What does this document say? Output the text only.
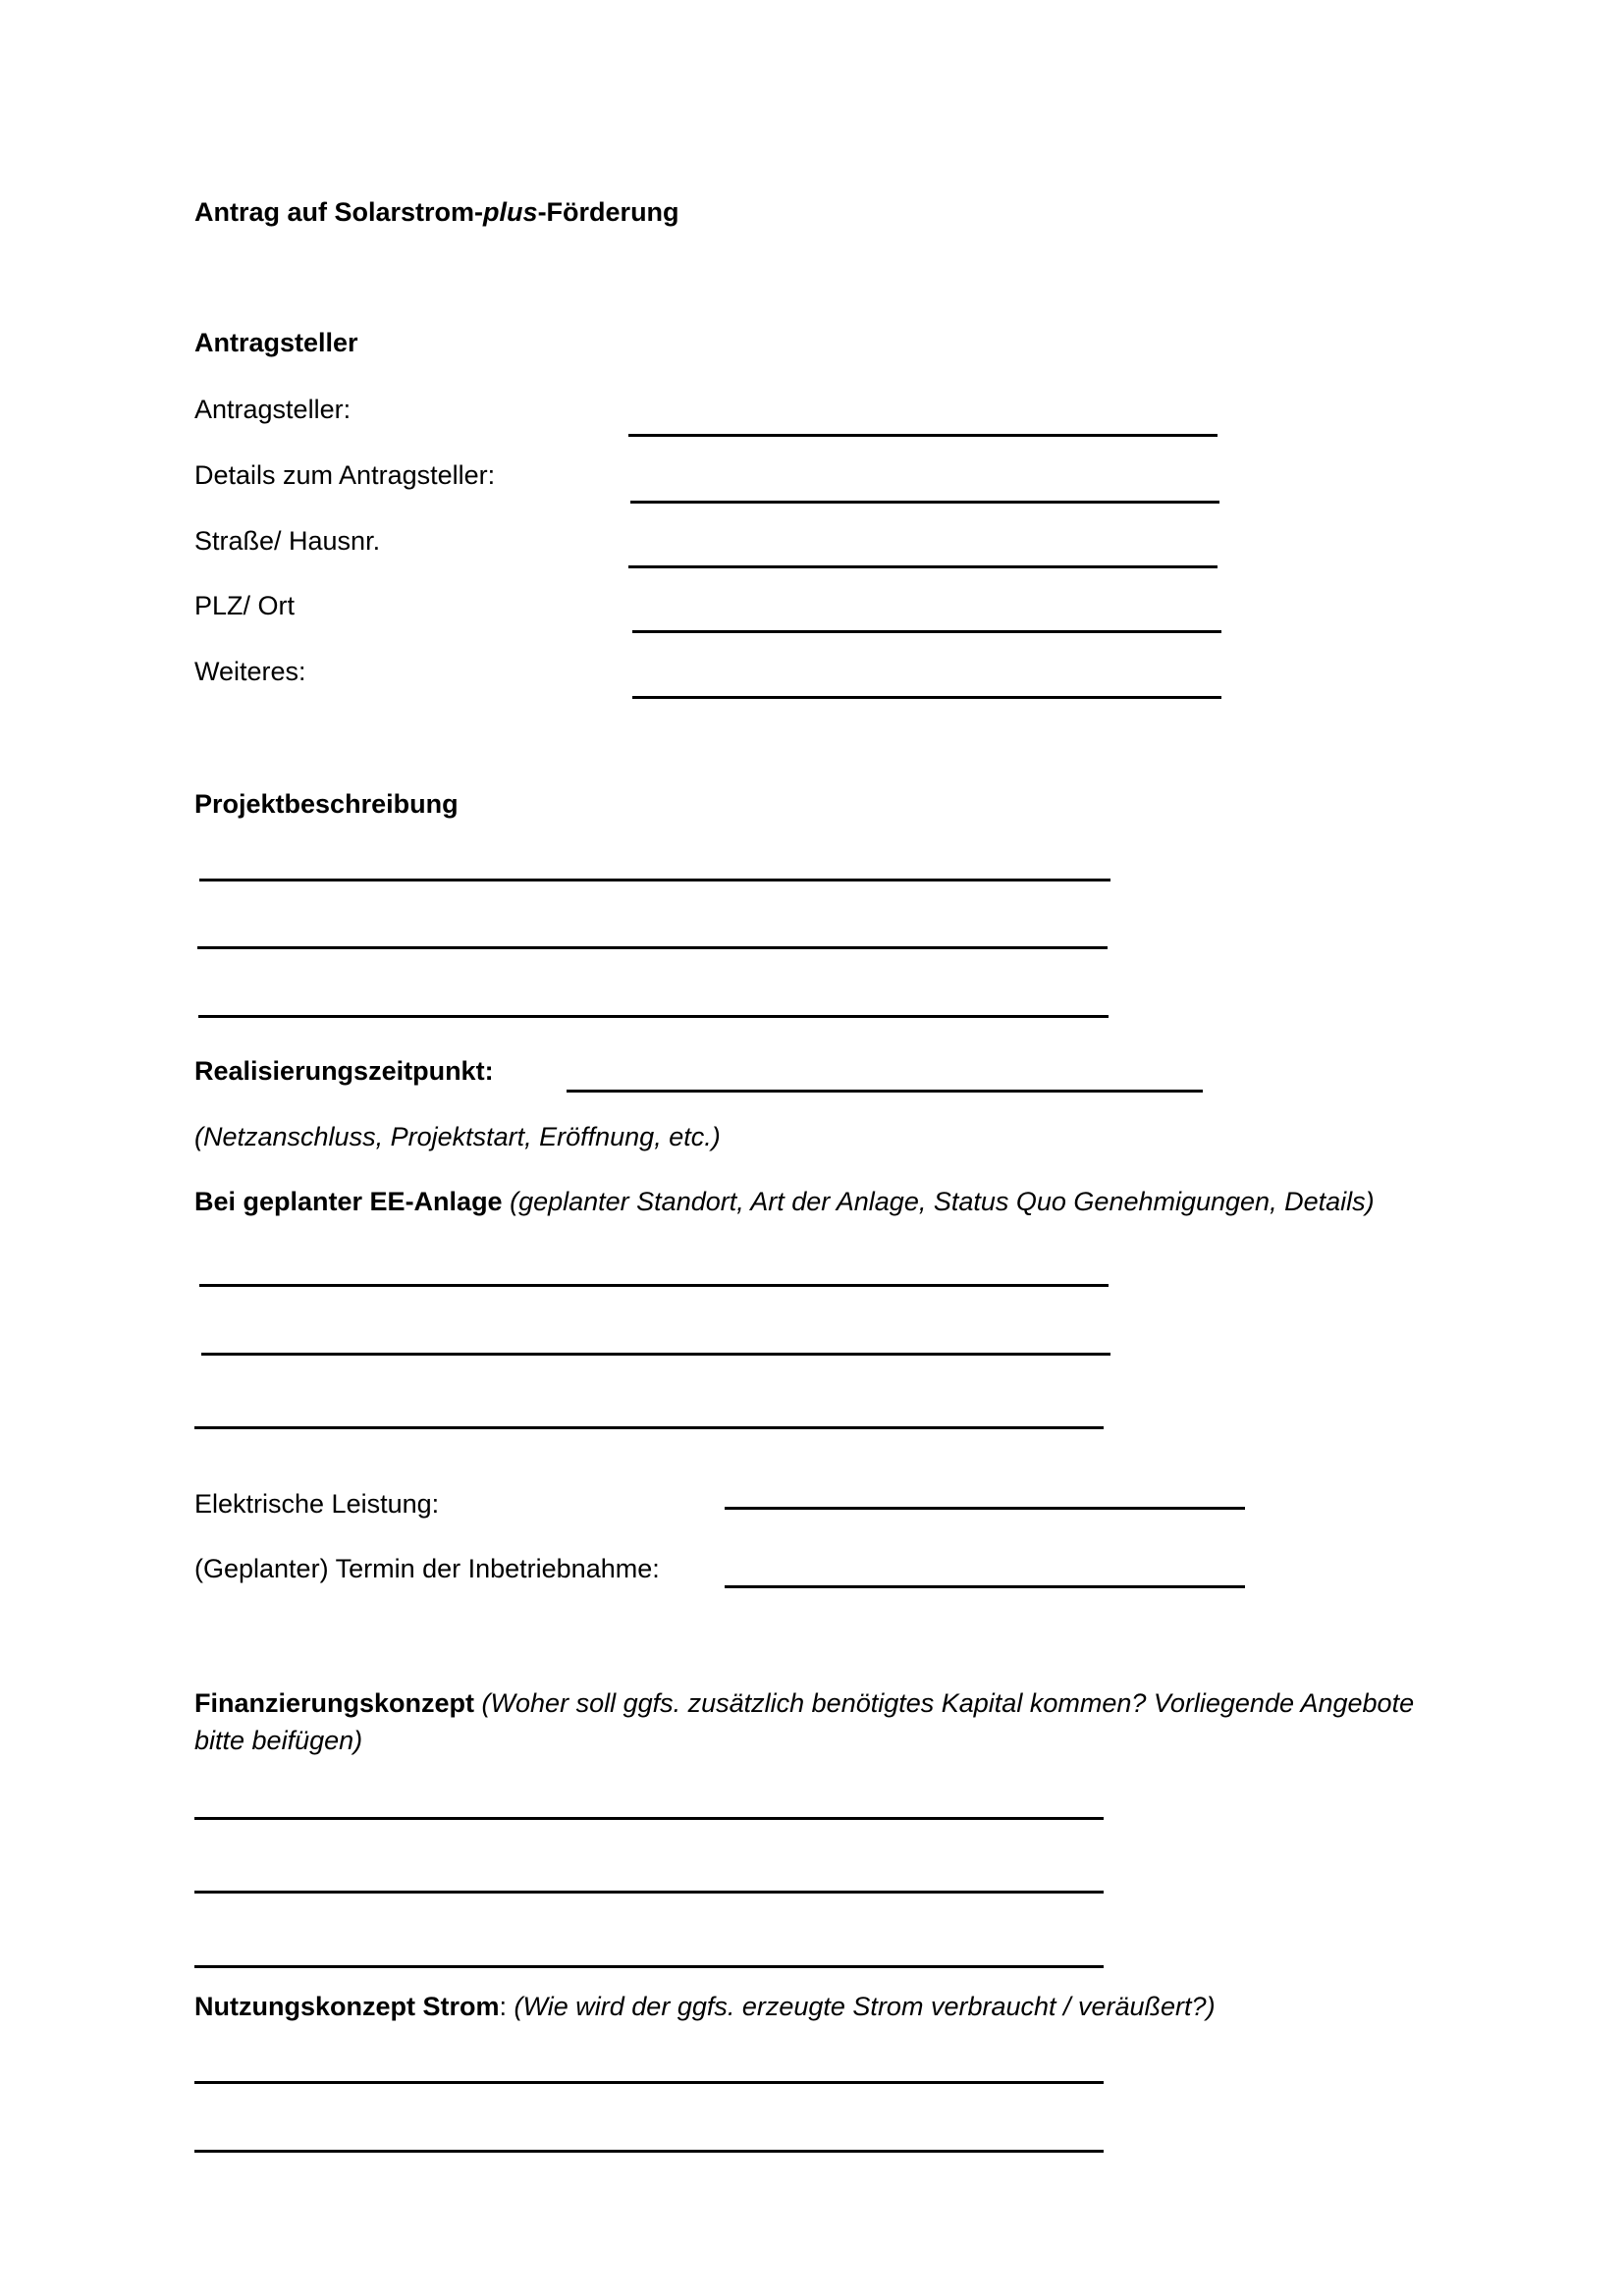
Antrag auf Solarstrom-plus-Förderung
Antragsteller
Antragsteller:
Details zum Antragsteller:
Straße/ Hausnr.
PLZ/ Ort
Weiteres:
Projektbeschreibung
Realisierungszeitpunkt:
(Netzanschluss, Projektstart, Eröffnung, etc.)
Bei geplanter EE-Anlage (geplanter Standort, Art der Anlage, Status Quo Genehmigungen, Details)
Elektrische Leistung:
(Geplanter) Termin der Inbetriebnahme:
Finanzierungskonzept (Woher soll ggfs. zusätzlich benötigtes Kapital kommen? Vorliegende Angebote bitte beifügen)
Nutzungskonzept Strom: (Wie wird der ggfs. erzeugte Strom verbraucht / veräußert?)
